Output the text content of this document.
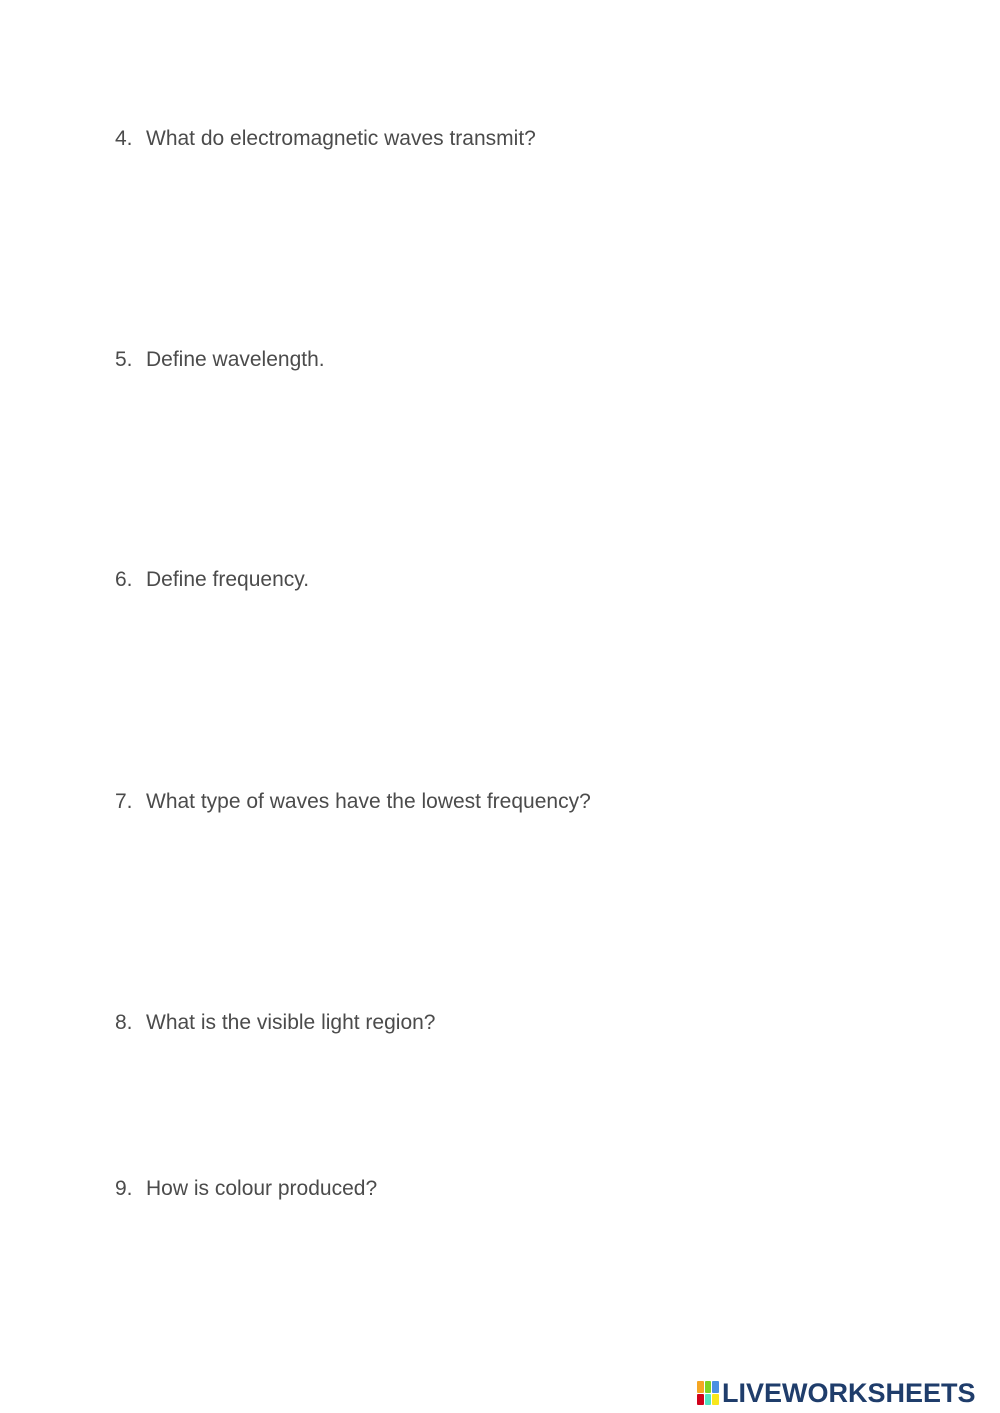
4. What do electromagnetic waves transmit?
5. Define wavelength.
6. Define frequency.
7. What type of waves have the lowest frequency?
8. What is the visible light region?
9. How is colour produced?
LIVEWORKSHEETS
